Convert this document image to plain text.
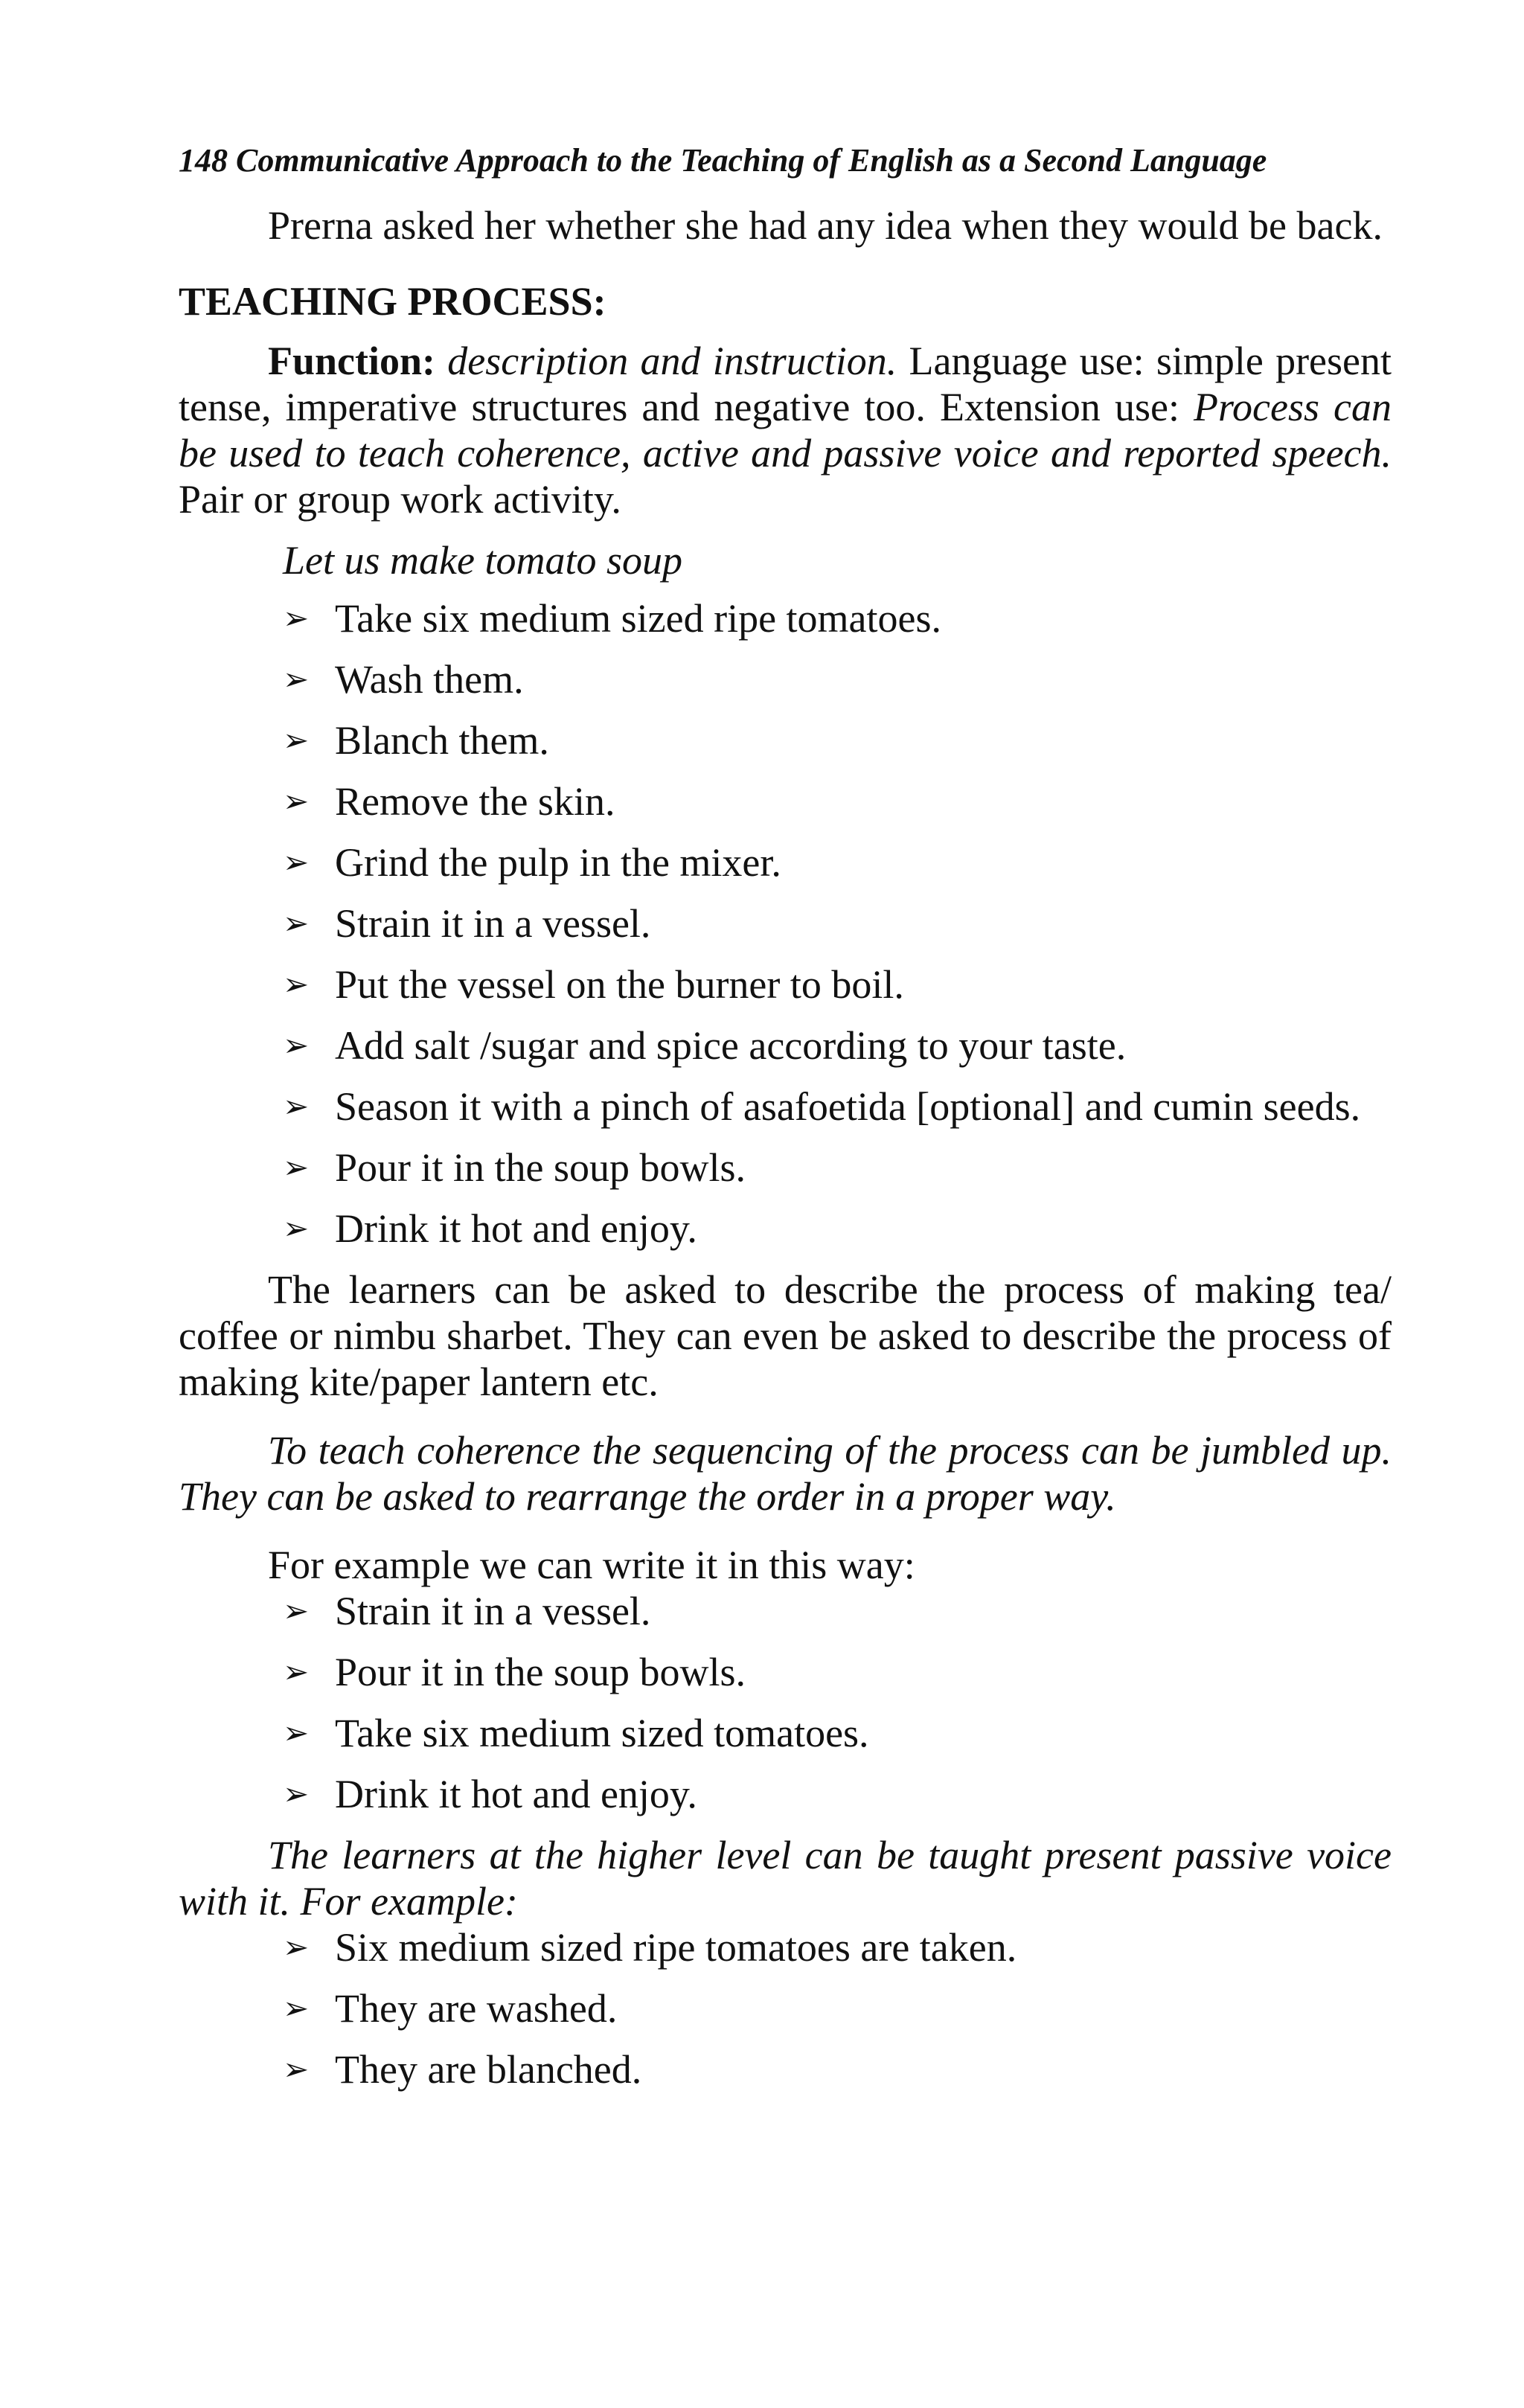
148 Communicative Approach to the Teaching of English as a Second Language

Prerna asked her whether she had any idea when they would be back.

TEACHING PROCESS:

Function: description and instruction. Language use: simple present tense, imperative structures and negative too. Extension use: Process can be used to teach coherence, active and passive voice and reported speech. Pair or group work activity.

Let us make tomato soup
➢ Take six medium sized ripe tomatoes.
➢ Wash them.
➢ Blanch them.
➢ Remove the skin.
➢ Grind the pulp in the mixer.
➢ Strain it in a vessel.
➢ Put the vessel on the burner to boil.
➢ Add salt /sugar and spice according to your taste.
➢ Season it with a pinch of asafoetida [optional] and cumin seeds.
➢ Pour it in the soup bowls.
➢ Drink it hot and enjoy.

The learners can be asked to describe the process of making tea/ coffee or nimbu sharbet. They can even be asked to describe the process of making kite/paper lantern etc.

To teach coherence the sequencing of the process can be jumbled up. They can be asked to rearrange the order in a proper way.

For example we can write it in this way:

➢ Strain it in a vessel.
➢ Pour it in the soup bowls.
➢ Take six medium sized tomatoes.
➢ Drink it hot and enjoy.

The learners at the higher level can be taught present passive voice with it. For example:

➢ Six medium sized ripe tomatoes are taken.
➢ They are washed.
➢ They are blanched.
